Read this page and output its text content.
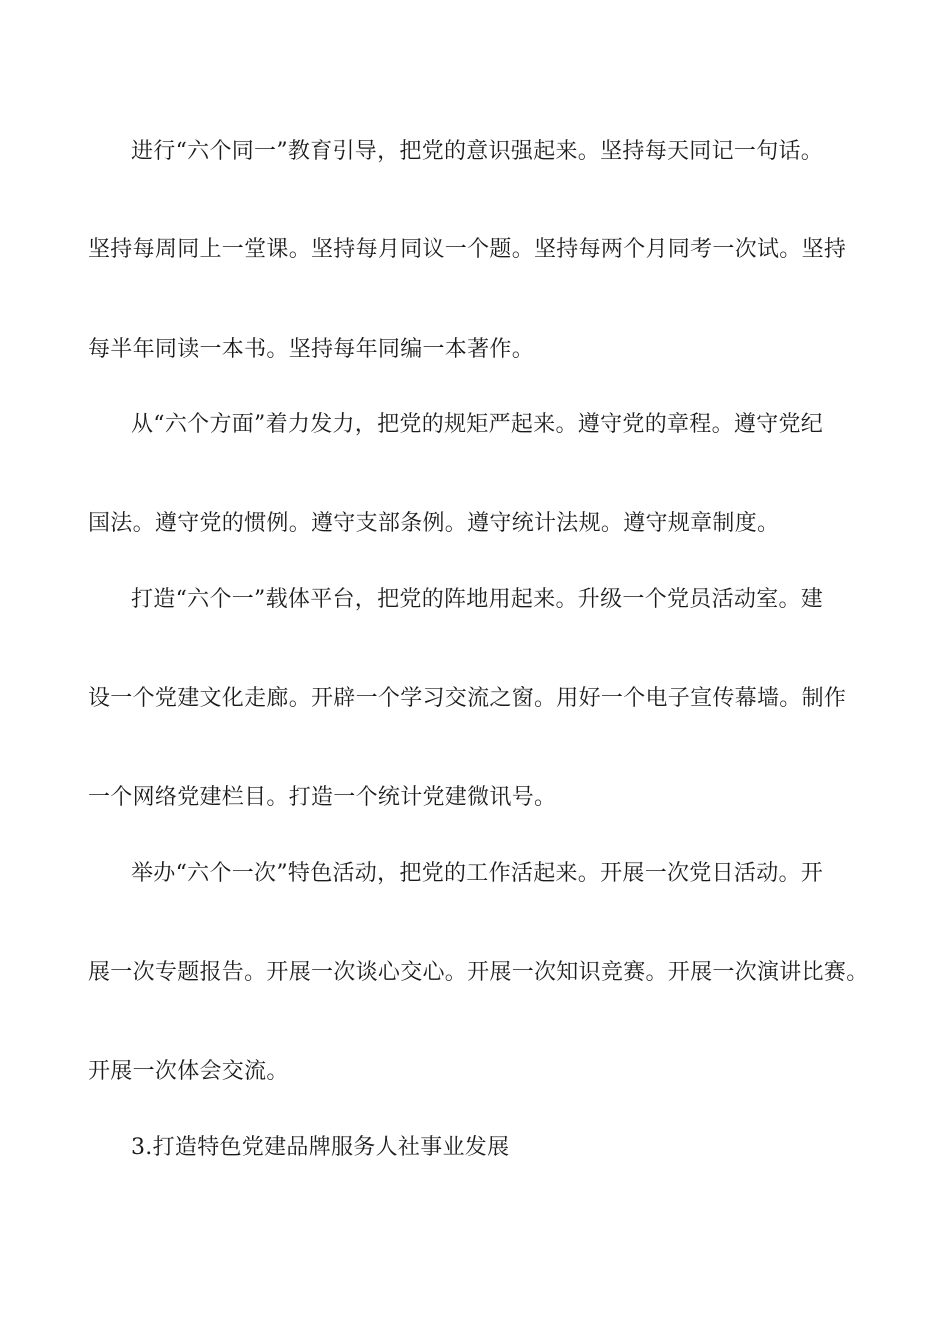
进行“六个同一”教育引导，把党的意识强起来。坚持每天同记一句话。
坚持每周同上一堂课。坚持每月同议一个题。坚持每两个月同考一次试。坚持
每半年同读一本书。坚持每年同编一本著作。
从“六个方面”着力发力，把党的规矩严起来。遵守党的章程。遵守党纪
国法。遵守党的惯例。遵守支部条例。遵守统计法规。遵守规章制度。
打造“六个一”载体平台，把党的阵地用起来。升级一个党员活动室。建
设一个党建文化走廊。开辟一个学习交流之窗。用好一个电子宣传幕墙。制作
一个网络党建栏目。打造一个统计党建微讯号。
举办“六个一次”特色活动，把党的工作活起来。开展一次党日活动。开
展一次专题报告。开展一次谈心交心。开展一次知识竞赛。开展一次演讲比赛。
开展一次体会交流。
3.打造特色党建品牌服务人社事业发展
